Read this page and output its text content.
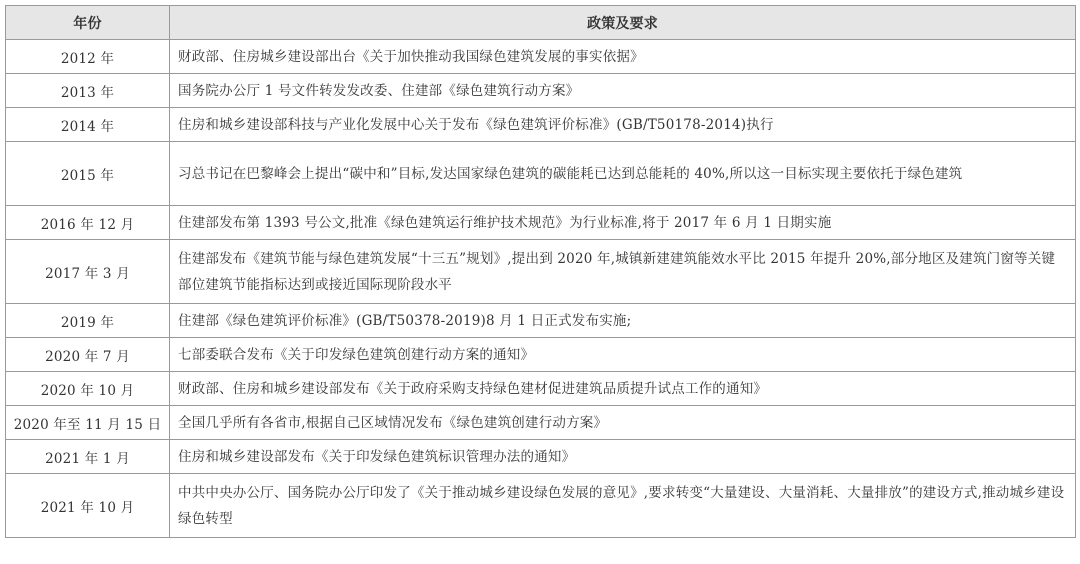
年份	政策及要求
2012 年	财政部、住房城乡建设部出台《关于加快推动我国绿色建筑发展的事实依据》
2013 年	国务院办公厅 1 号文件转发发改委、住建部《绿色建筑行动方案》
2014 年	住房和城乡建设部科技与产业化发展中心关于发布《绿色建筑评价标准》(GB/T50178-2014)执行
2015 年	习总书记在巴黎峰会上提出“碳中和”目标,发达国家绿色建筑的碳能耗已达到总能耗的 40%,所以这一目标实现主要依托于绿色建筑
2016 年 12 月	住建部发布第 1393 号公文,批准《绿色建筑运行维护技术规范》为行业标准,将于 2017 年 6 月 1 日期实施
2017 年 3 月	住建部发布《建筑节能与绿色建筑发展“十三五”规划》,提出到 2020 年,城镇新建建筑能效水平比 2015 年提升 20%,部分地区及建筑门窗等关键部位建筑节能指标达到或接近国际现阶段水平
2019 年	住建部《绿色建筑评价标准》(GB/T50378-2019)8 月 1 日正式发布实施;
2020 年 7 月	七部委联合发布《关于印发绿色建筑创建行动方案的通知》
2020 年 10 月	财政部、住房和城乡建设部发布《关于政府采购支持绿色建材促进建筑品质提升试点工作的通知》
2020 年至 11 月 15 日	全国几乎所有各省市,根据自己区域情况发布《绿色建筑创建行动方案》
2021 年 1 月	住房和城乡建设部发布《关于印发绿色建筑标识管理办法的通知》
2021 年 10 月	中共中央办公厅、国务院办公厅印发了《关于推动城乡建设绿色发展的意见》,要求转变“大量建设、大量消耗、大量排放”的建设方式,推动城乡建设绿色转型
